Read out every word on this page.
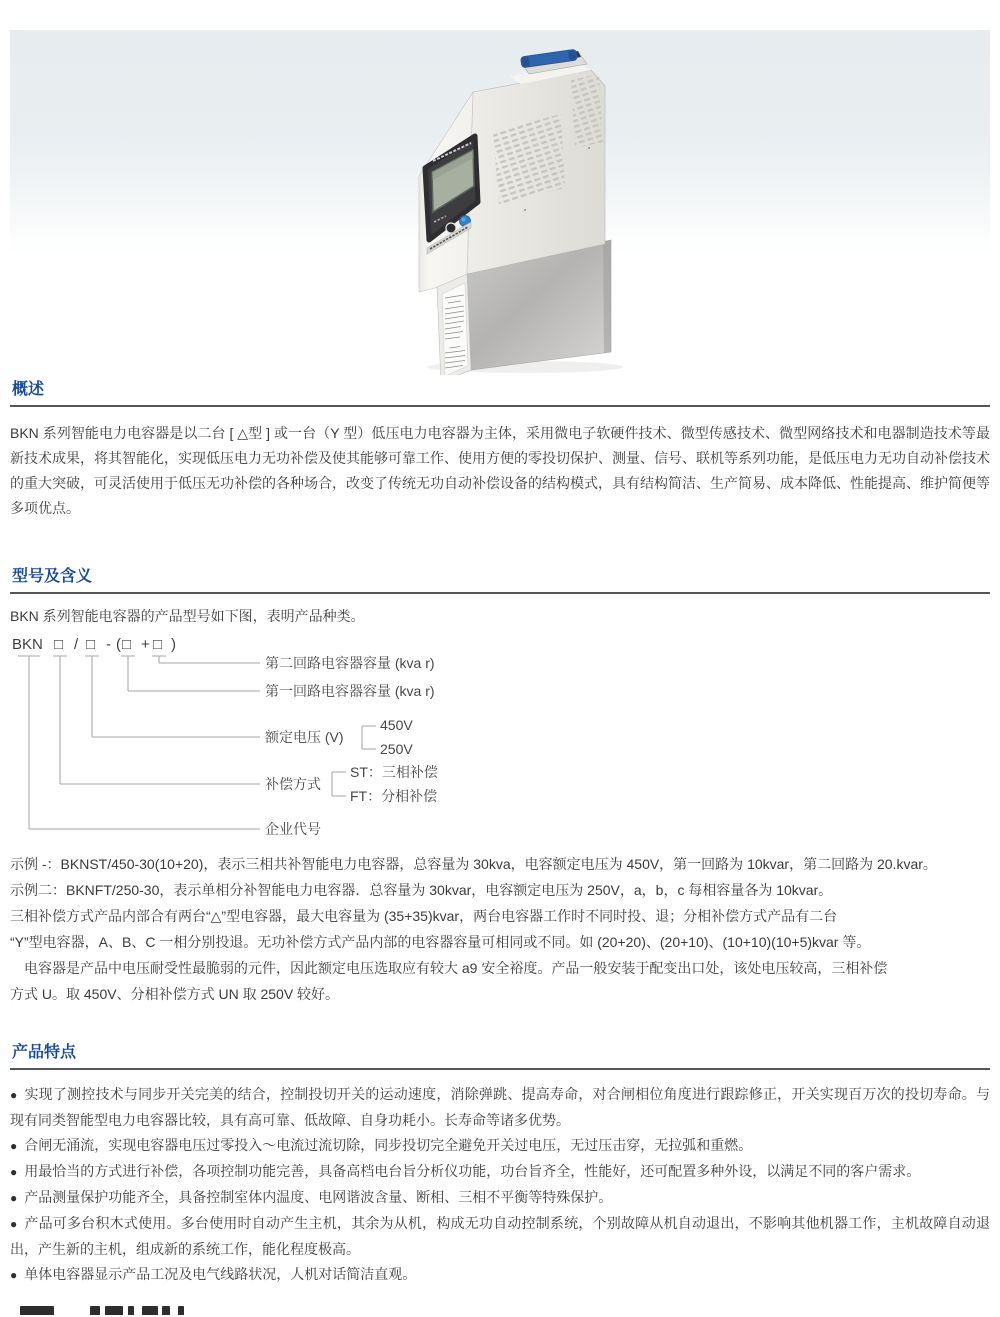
概述

BKN 系列智能电力电容器是以二台 [ △型 ] 或一台（Y 型）低压电力电容器为主体，采用微电子软硬件技术、微型传感技术、微型网络技术和电器制造技术等最新技术成果，将其智能化，实现低压电力无功补偿及使其能够可靠工作、使用方便的零投切保护、测量、信号、联机等系列功能，是低压电力无功自动补偿技术的重大突破，可灵活使用于低压无功补偿的各种场合，改变了传统无功自动补偿设备的结构模式，具有结构简洁、生产简易、成本降低、性能提高、维护简便等多项优点。

型号及含义

BKN 系列智能电容器的产品型号如下图，表明产品种类。

BKN □ / □ - (□ + □ )
第二回路电容器容量 (kva r)
第一回路电容器容量 (kva r)
额定电压 (V)
450V
250V
补偿方式
ST：三相补偿
FT：分相补偿
企业代号
示例 -：BKNST/450-30(10+20)，表示三相共补智能电力电容器，总容量为 30kva，电容额定电压为 450V，第一回路为 10kvar，第二回路为 20.kvar。
示例二：BKNFT/250-30，表示单相分补智能电力电容器．总容量为 30kvar，电容额定电压为 250V，a，b，c 每相容量各为 10kvar。
三相补偿方式产品内部合有两台“△”型电容器，最大电容量为 (35+35)kvar，两台电容器工作时不同时投、退；分相补偿方式产品有二台
“Y”型电容器，A、B、C 一相分别投退。无功补偿方式产品内部的电容器容量可相同或不同。如 (20+20)、(20+10)、(10+10)(10+5)kvar 等。
　电容器是产品中电压耐受性最脆弱的元件，因此额定电压选取应有较大 a9 安全裕度。产品一般安装于配变出口处，该处电压较高，三相补偿
方式 U。取 450V、分相补偿方式 UN 取 250V 较好。
产品特点
● 实现了测控技术与同步开关完美的结合，控制投切开关的运动速度，消除弹跳、提高寿命，对合闸相位角度进行跟踪修正，开关实现百万次的投切寿命。与现有同类智能型电力电容器比较，具有高可靠、低故障、自身功耗小。长寿命等诸多优势。
● 合闸无涌流，实现电容器电压过零投入～电流过流切除，同步投切完全避免开关过电压，无过压击穿，无拉弧和重燃。
● 用最恰当的方式进行补偿，各项控制功能完善，具备高档电台旨分析仪功能，功台旨齐全，性能好，还可配置多种外设，以满足不同的客户需求。
● 产品测量保护功能齐全，具备控制室体内温度、电网谐波含量、断相、三相不平衡等特殊保护。
● 产品可多台积木式使用。多台使用时自动产生主机，其余为从机，构成无功自动控制系统，个别故障从机自动退出，不影响其他机器工作，主机故障自动退出，产生新的主机，组成新的系统工作，能化程度极高。
● 单体电容器显示产品工况及电气线路状况，人机对话简洁直观。
